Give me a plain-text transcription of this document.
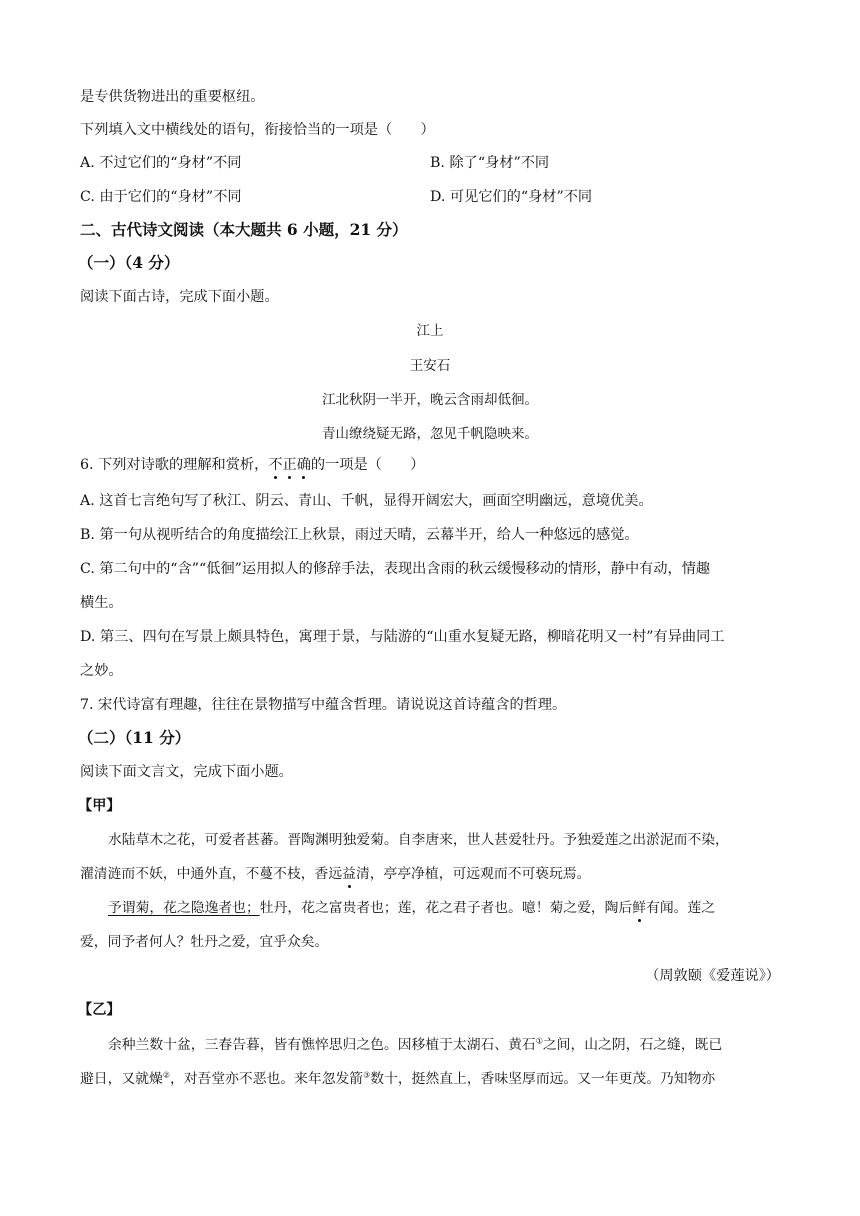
是专供货物进出的重要枢纽。
下列填入文中横线处的语句，衔接恰当的一项是（　　）
A. 不过它们的“身材”不同	B. 除了“身材”不同
C. 由于它们的“身材”不同	D. 可见它们的“身材”不同
二、古代诗文阅读（本大题共 6 小题，21 分）
（一）（4 分）
阅读下面古诗，完成下面小题。
江上
王安石
江北秋阴一半开，晚云含雨却低徊。
青山缭绕疑无路，忽见千帆隐映来。
6. 下列对诗歌的理解和赏析，不正确的一项是（　　）
A. 这首七言绝句写了秋江、阴云、青山、千帆，显得开阔宏大，画面空明幽远，意境优美。
B. 第一句从视听结合的角度描绘江上秋景，雨过天晴，云幕半开，给人一种悠远的感觉。
C. 第二句中的“含”“低徊”运用拟人的修辞手法，表现出含雨的秋云缓慢移动的情形，静中有动，情趣
横生。
D. 第三、四句在写景上颇具特色，寓理于景，与陆游的“山重水复疑无路，柳暗花明又一村”有异曲同工
之妙。
7. 宋代诗富有理趣，往往在景物描写中蕴含哲理。请说说这首诗蕴含的哲理。
（二）（11 分）
阅读下面文言文，完成下面小题。
【甲】
水陆草木之花，可爱者甚蕃。晋陶渊明独爱菊。自李唐来，世人甚爱牡丹。予独爱莲之出淤泥而不染，
濯清涟而不妖，中通外直，不蔓不枝，香远益清，亭亭净植，可远观而不可亵玩焉。
予谓菊，花之隐逸者也；牡丹，花之富贵者也；莲，花之君子者也。噫！菊之爱，陶后鲜有闻。莲之
爱，同予者何人？牡丹之爱，宜乎众矣。
（周敦颐《爱莲说》）
【乙】
余种兰数十盆，三春告暮，皆有憔悴思归之色。因移植于太湖石、黄石①之间，山之阴，石之缝，既已
避日，又就燥②，对吾堂亦不恶也。来年忽发箭③数十，挺然直上，香味坚厚而远。又一年更茂。乃知物亦
